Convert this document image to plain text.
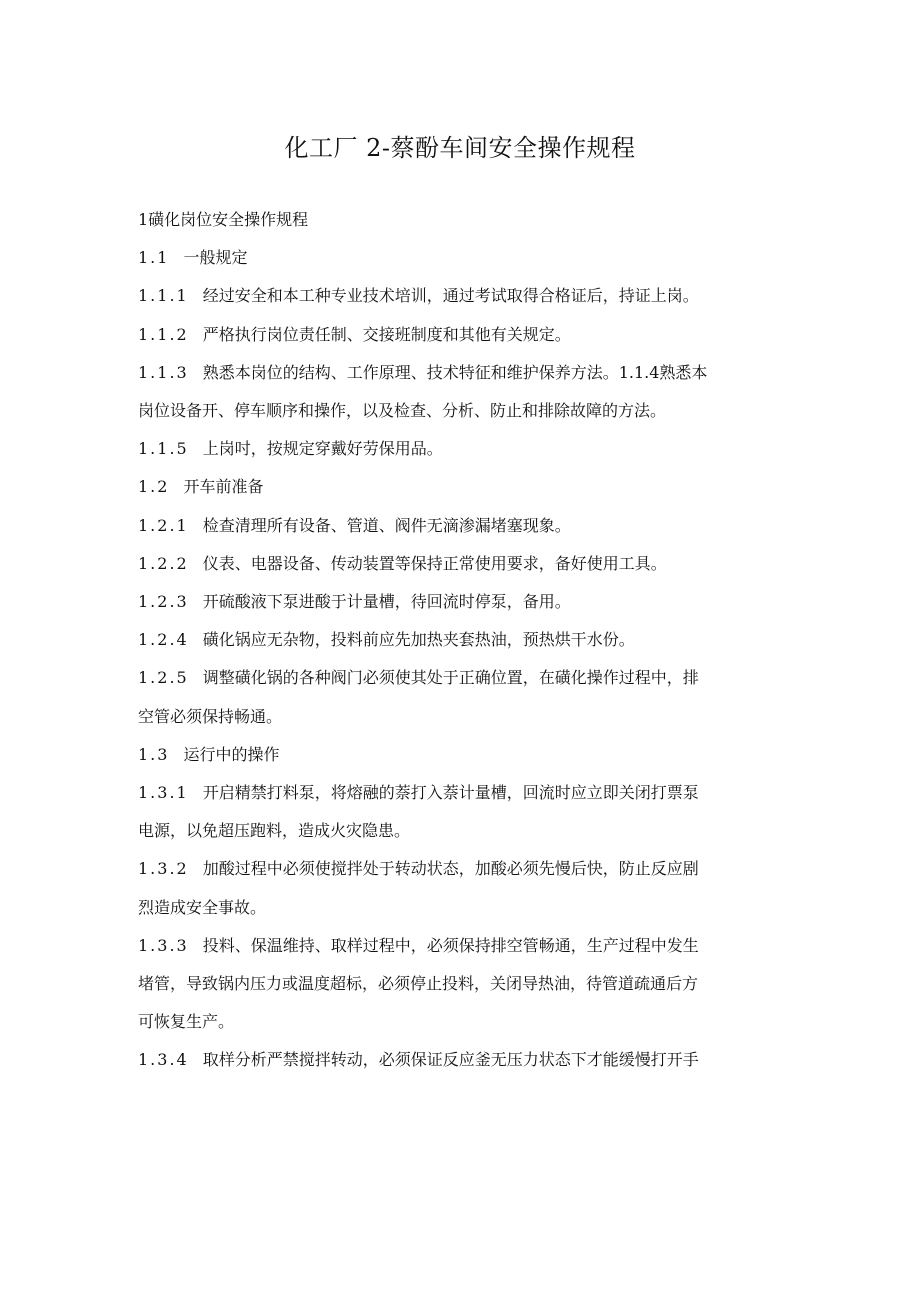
化工厂 2-蔡酚车间安全操作规程

1磺化岗位安全操作规程

1.1 一般规定

1.1.1 经过安全和本工种专业技术培训，通过考试取得合格证后，持证上岗。

1.1.2 严格执行岗位责任制、交接班制度和其他有关规定。

1.1.3 熟悉本岗位的结构、工作原理、技术特征和维护保养方法。1.1.4熟悉本

岗位设备开、停车顺序和操作，以及检查、分析、防止和排除故障的方法。

1.1.5 上岗吋，按规定穿戴好劳保用品。

1.2 开车前准备

1.2.1 检查清理所有设备、管道、阀件无滴渗漏堵塞现象。

1.2.2 仪表、电器设备、传动装置等保持正常使用要求，备好使用工具。

1.2.3 开硫酸液下泵进酸于计量槽，待回流时停泵，备用。

1.2.4 磺化锅应无杂物，投料前应先加热夹套热油，预热烘干水份。

1.2.5 调整磺化锅的各种阀门必须使其处于正确位置，在磺化操作过程中，排

空管必须保持畅通。

1.3 运行中的操作

1.3.1 开启精禁打料泵，将熔融的萘打入萘计量槽，回流时应立即关闭打票泵

电源，以免超压跑料，造成火灾隐患。

1.3.2 加酸过程中必须使搅拌处于转动状态，加酸必须先慢后快，防止反应剧

烈造成安全事故。

1.3.3 投料、保温维持、取样过程中，必须保持排空管畅通，生产过程中发生

堵管，导致锅内压力或温度超标，必须停止投料，关闭导热油，待管道疏通后方

可恢复生产。

1.3.4 取样分析严禁搅拌转动，必须保证反应釜无压力状态下才能缓慢打开手
